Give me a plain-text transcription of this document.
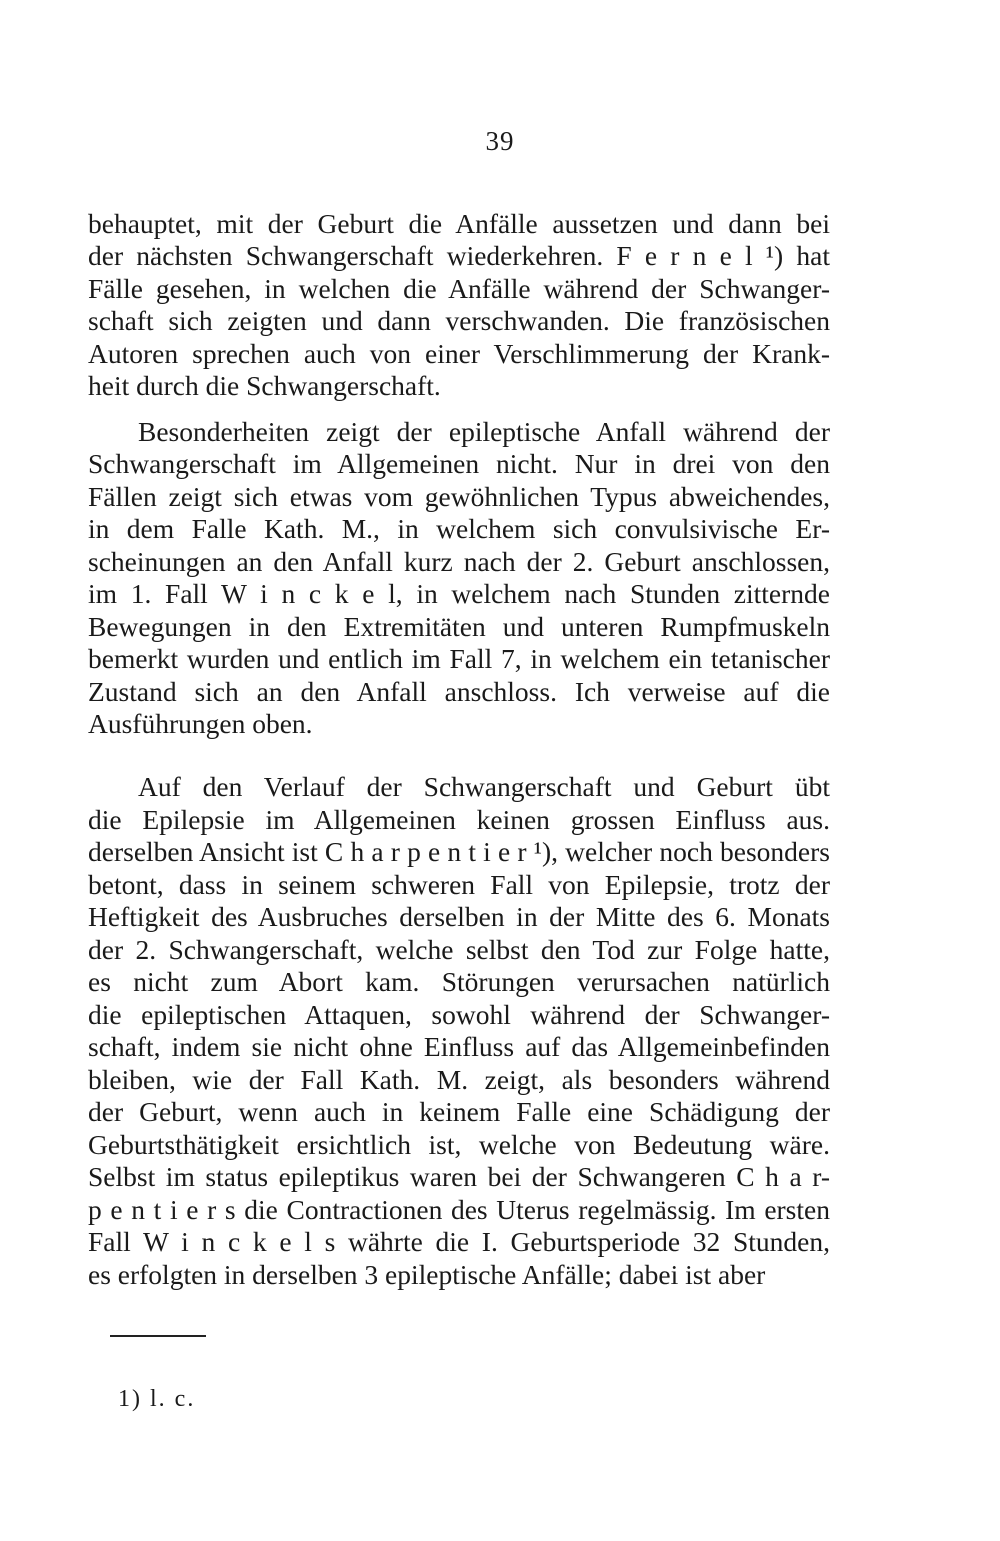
39
behauptet, mit der Geburt die Anfälle aussetzen und dann bei
der nächsten Schwangerschaft wiederkehren. F e r n e l ¹) hat
Fälle gesehen, in welchen die Anfälle während der Schwanger-
schaft sich zeigten und dann verschwanden. Die französischen
Autoren sprechen auch von einer Verschlimmerung der Krank-
heit durch die Schwangerschaft.
Besonderheiten zeigt der epileptische Anfall während der
Schwangerschaft im Allgemeinen nicht. Nur in drei von den
Fällen zeigt sich etwas vom gewöhnlichen Typus abweichendes,
in dem Falle Kath. M., in welchem sich convulsivische Er-
scheinungen an den Anfall kurz nach der 2. Geburt anschlossen,
im 1. Fall W i n c k e l, in welchem nach Stunden zitternde
Bewegungen in den Extremitäten und unteren Rumpfmuskeln
bemerkt wurden und entlich im Fall 7, in welchem ein tetanischer
Zustand sich an den Anfall anschloss. Ich verweise auf die
Ausführungen oben.
Auf den Verlauf der Schwangerschaft und Geburt übt
die Epilepsie im Allgemeinen keinen grossen Einfluss aus.
derselben Ansicht ist C h a r p e n t i e r ¹), welcher noch besonders
betont, dass in seinem schweren Fall von Epilepsie, trotz der
Heftigkeit des Ausbruches derselben in der Mitte des 6. Monats
der 2. Schwangerschaft, welche selbst den Tod zur Folge hatte,
es nicht zum Abort kam. Störungen verursachen natürlich
die epileptischen Attaquen, sowohl während der Schwanger-
schaft, indem sie nicht ohne Einfluss auf das Allgemeinbefinden
bleiben, wie der Fall Kath. M. zeigt, als besonders während
der Geburt, wenn auch in keinem Falle eine Schädigung der
Geburtsthätigkeit ersichtlich ist, welche von Bedeutung wäre.
Selbst im status epileptikus waren bei der Schwangeren C h a r-
p e n t i e r s die Contractionen des Uterus regelmässig. Im ersten
Fall W i n c k e l s währte die I. Geburtsperiode 32 Stunden,
es erfolgten in derselben 3 epileptische Anfälle; dabei ist aber
1) l. c.
